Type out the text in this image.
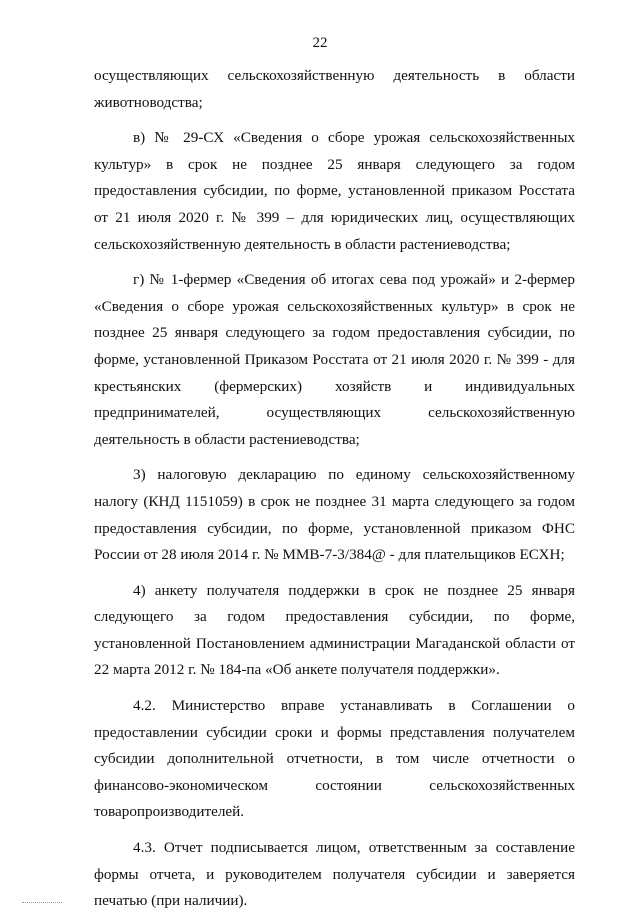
22

осуществляющих сельскохозяйственную деятельность в области животноводства;

в) № 29-СХ «Сведения о сборе урожая сельскохозяйственных культур» в срок не позднее 25 января следующего за годом предоставления субсидии, по форме, установленной приказом Росстата от 21 июля 2020 г. № 399 – для юридических лиц, осуществляющих сельскохозяйственную деятельность в области растениеводства;

г) № 1-фермер «Сведения об итогах сева под урожай» и 2-фермер «Сведения о сборе урожая сельскохозяйственных культур» в срок не позднее 25 января следующего за годом предоставления субсидии, по форме, установленной Приказом Росстата от 21 июля 2020 г. № 399 - для крестьянских (фермерских) хозяйств и индивидуальных предпринимателей, осуществляющих сельскохозяйственную деятельность в области растениеводства;

3) налоговую декларацию по единому сельскохозяйственному налогу (КНД 1151059) в срок не позднее 31 марта следующего за годом предоставления субсидии, по форме, установленной приказом ФНС России от 28 июля 2014 г. № ММВ-7-3/384@ - для плательщиков ЕСХН;

4) анкету получателя поддержки в срок не позднее 25 января следующего за годом предоставления субсидии, по форме, установленной Постановлением администрации Магаданской области от 22 марта 2012 г. № 184-па «Об анкете получателя поддержки».

4.2. Министерство вправе устанавливать в Соглашении о предоставлении субсидии сроки и формы представления получателем субсидии дополнительной отчетности, в том числе отчетности о финансово-экономическом состоянии сельскохозяйственных товаропроизводителей.

4.3. Отчет подписывается лицом, ответственным за составление формы отчета, и руководителем получателя субсидии и заверяется печатью (при наличии).
